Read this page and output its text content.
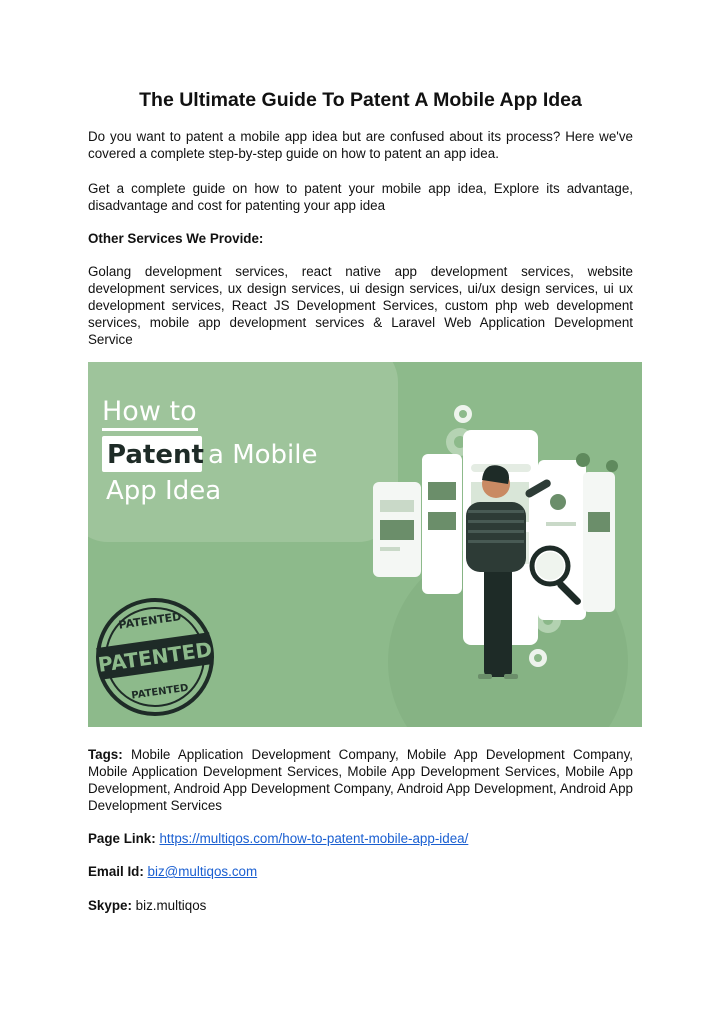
The Ultimate Guide To Patent A Mobile App Idea

Do you want to patent a mobile app idea but are confused about its process? Here we've covered a complete step-by-step guide on how to patent an app idea.

Get a complete guide on how to patent your mobile app idea, Explore its advantage, disadvantage and cost for patenting your app idea

Other Services We Provide:

Golang development services, react native app development services, website development services, ux design services, ui design services, ui/ux design services, ui ux development services, React JS Development Services, custom php web development services, mobile app development services & Laravel Web Application Development Service

Tags: Mobile Application Development Company, Mobile App Development Company, Mobile Application Development Services, Mobile App Development Services, Mobile App Development, Android App Development Company, Android App Development, Android App Development Services

Page Link: https://multiqos.com/how-to-patent-mobile-app-idea/

Email Id: biz@multiqos.com

Skype: biz.multiqos

How to
Patent a Mobile
App Idea
PATENTED
PATENTED
PATENTED
